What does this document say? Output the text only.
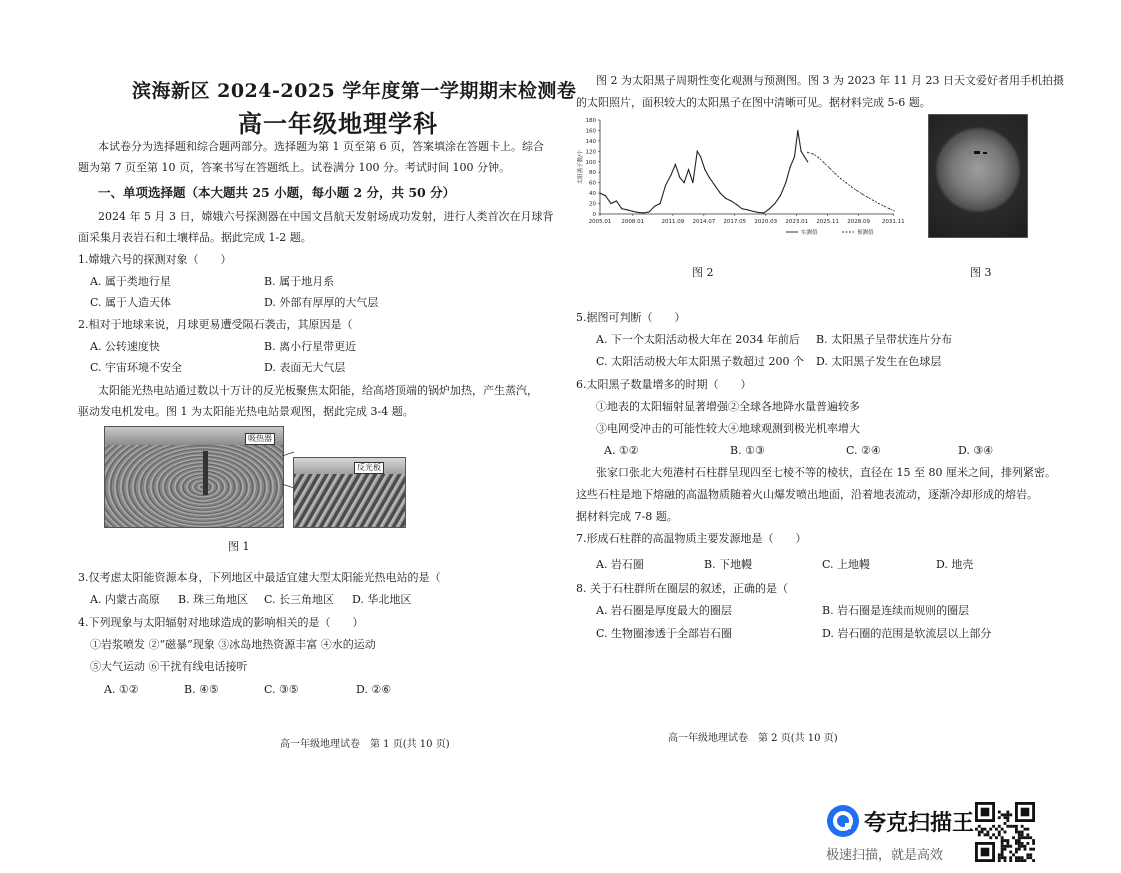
滨海新区 2024-2025 学年度第一学期期末检测卷
高一年级地理学科
本试卷分为选择题和综合题两部分。选择题为第 1 页至第 6 页，答案填涂在答题卡上。综合
题为第 7 页至第 10 页，答案书写在答题纸上。试卷满分 100 分。考试时间 100 分钟。
一、单项选择题（本大题共 25 小题，每小题 2 分，共 50 分）
2024 年 5 月 3 日，嫦娥六号探测器在中国文昌航天发射场成功发射，进行人类首次在月球背
面采集月表岩石和土壤样品。据此完成 1-2 题。
1.嫦娥六号的探测对象（　　）
A. 属于类地行星	B. 属于地月系
C. 属于人造天体	D. 外部有厚厚的大气层
2.相对于地球来说，月球更易遭受陨石袭击，其原因是（
A. 公转速度快	B. 离小行星带更近
C. 宇宙环境不安全	D. 表面无大气层
太阳能光热电站通过数以十万计的反光板聚焦太阳能，给高塔顶端的锅炉加热，产生蒸汽，
驱动发电机发电。图 1 为太阳能光热电站景观图，据此完成 3-4 题。
吸热器
反光板
图 1
3.仅考虑太阳能资源本身，下列地区中最适宜建大型太阳能光热电站的是（
A. 内蒙古高原 B. 珠三角地区 C. 长三角地区 D. 华北地区
4.下列现象与太阳辐射对地球造成的影响相关的是（　　）
①岩浆喷发 ②“磁暴”现象 ③冰岛地热资源丰富 ④水的运动
⑤大气运动 ⑥干扰有线电话接听
A. ①②	B. ④⑤	C. ③⑤	D. ②⑥
高一年级地理试卷　第 1 页(共 10 页)
图 2 为太阳黑子周期性变化观测与预测图。图 3 为 2023 年 11 月 23 日天文爱好者用手机拍摄
的太阳照片，面积较大的太阳黑子在图中清晰可见。据材料完成 5-6 题。
0
20
40
60
80
100
120
140
160
180
太阳黑子数/个
2005.01 2008.01	2011.09 2014.07 2017.05 2020.03 2023.01 2025.11 2028.09 2031.11
实测值	预测值
图 2	图 3
5.据图可判断（　　）
A. 下一个太阳活动极大年在 2034 年前后 B. 太阳黑子呈带状连片分布
C. 太阳活动极大年太阳黑子数超过 200 个 D. 太阳黑子发生在色球层
6.太阳黑子数量增多的时期（　　）
①地表的太阳辐射显著增强②全球各地降水量普遍较多
③电网受冲击的可能性较大④地球观测到极光机率增大
A. ①②	B. ①③	C. ②④	D. ③④
张家口张北大苑港村石柱群呈现四至七棱不等的棱状，直径在 15 至 80 厘米之间，排列紧密。
这些石柱是地下熔融的高温物质随着火山爆发喷出地面，沿着地表流动，逐渐冷却形成的熔岩。
据材料完成 7-8 题。
7.形成石柱群的高温物质主要发源地是（　　）
A. 岩石圈	B. 下地幔	C. 上地幔	D. 地壳
8. 关于石柱群所在圈层的叙述，正确的是（
A. 岩石圈是厚度最大的圈层	B. 岩石圈是连续而规则的圈层
C. 生物圈渗透于全部岩石圈	D. 岩石圈的范围是软流层以上部分
高一年级地理试卷　第 2 页(共 10 页)
夸克扫描王
极速扫描，就是高效
